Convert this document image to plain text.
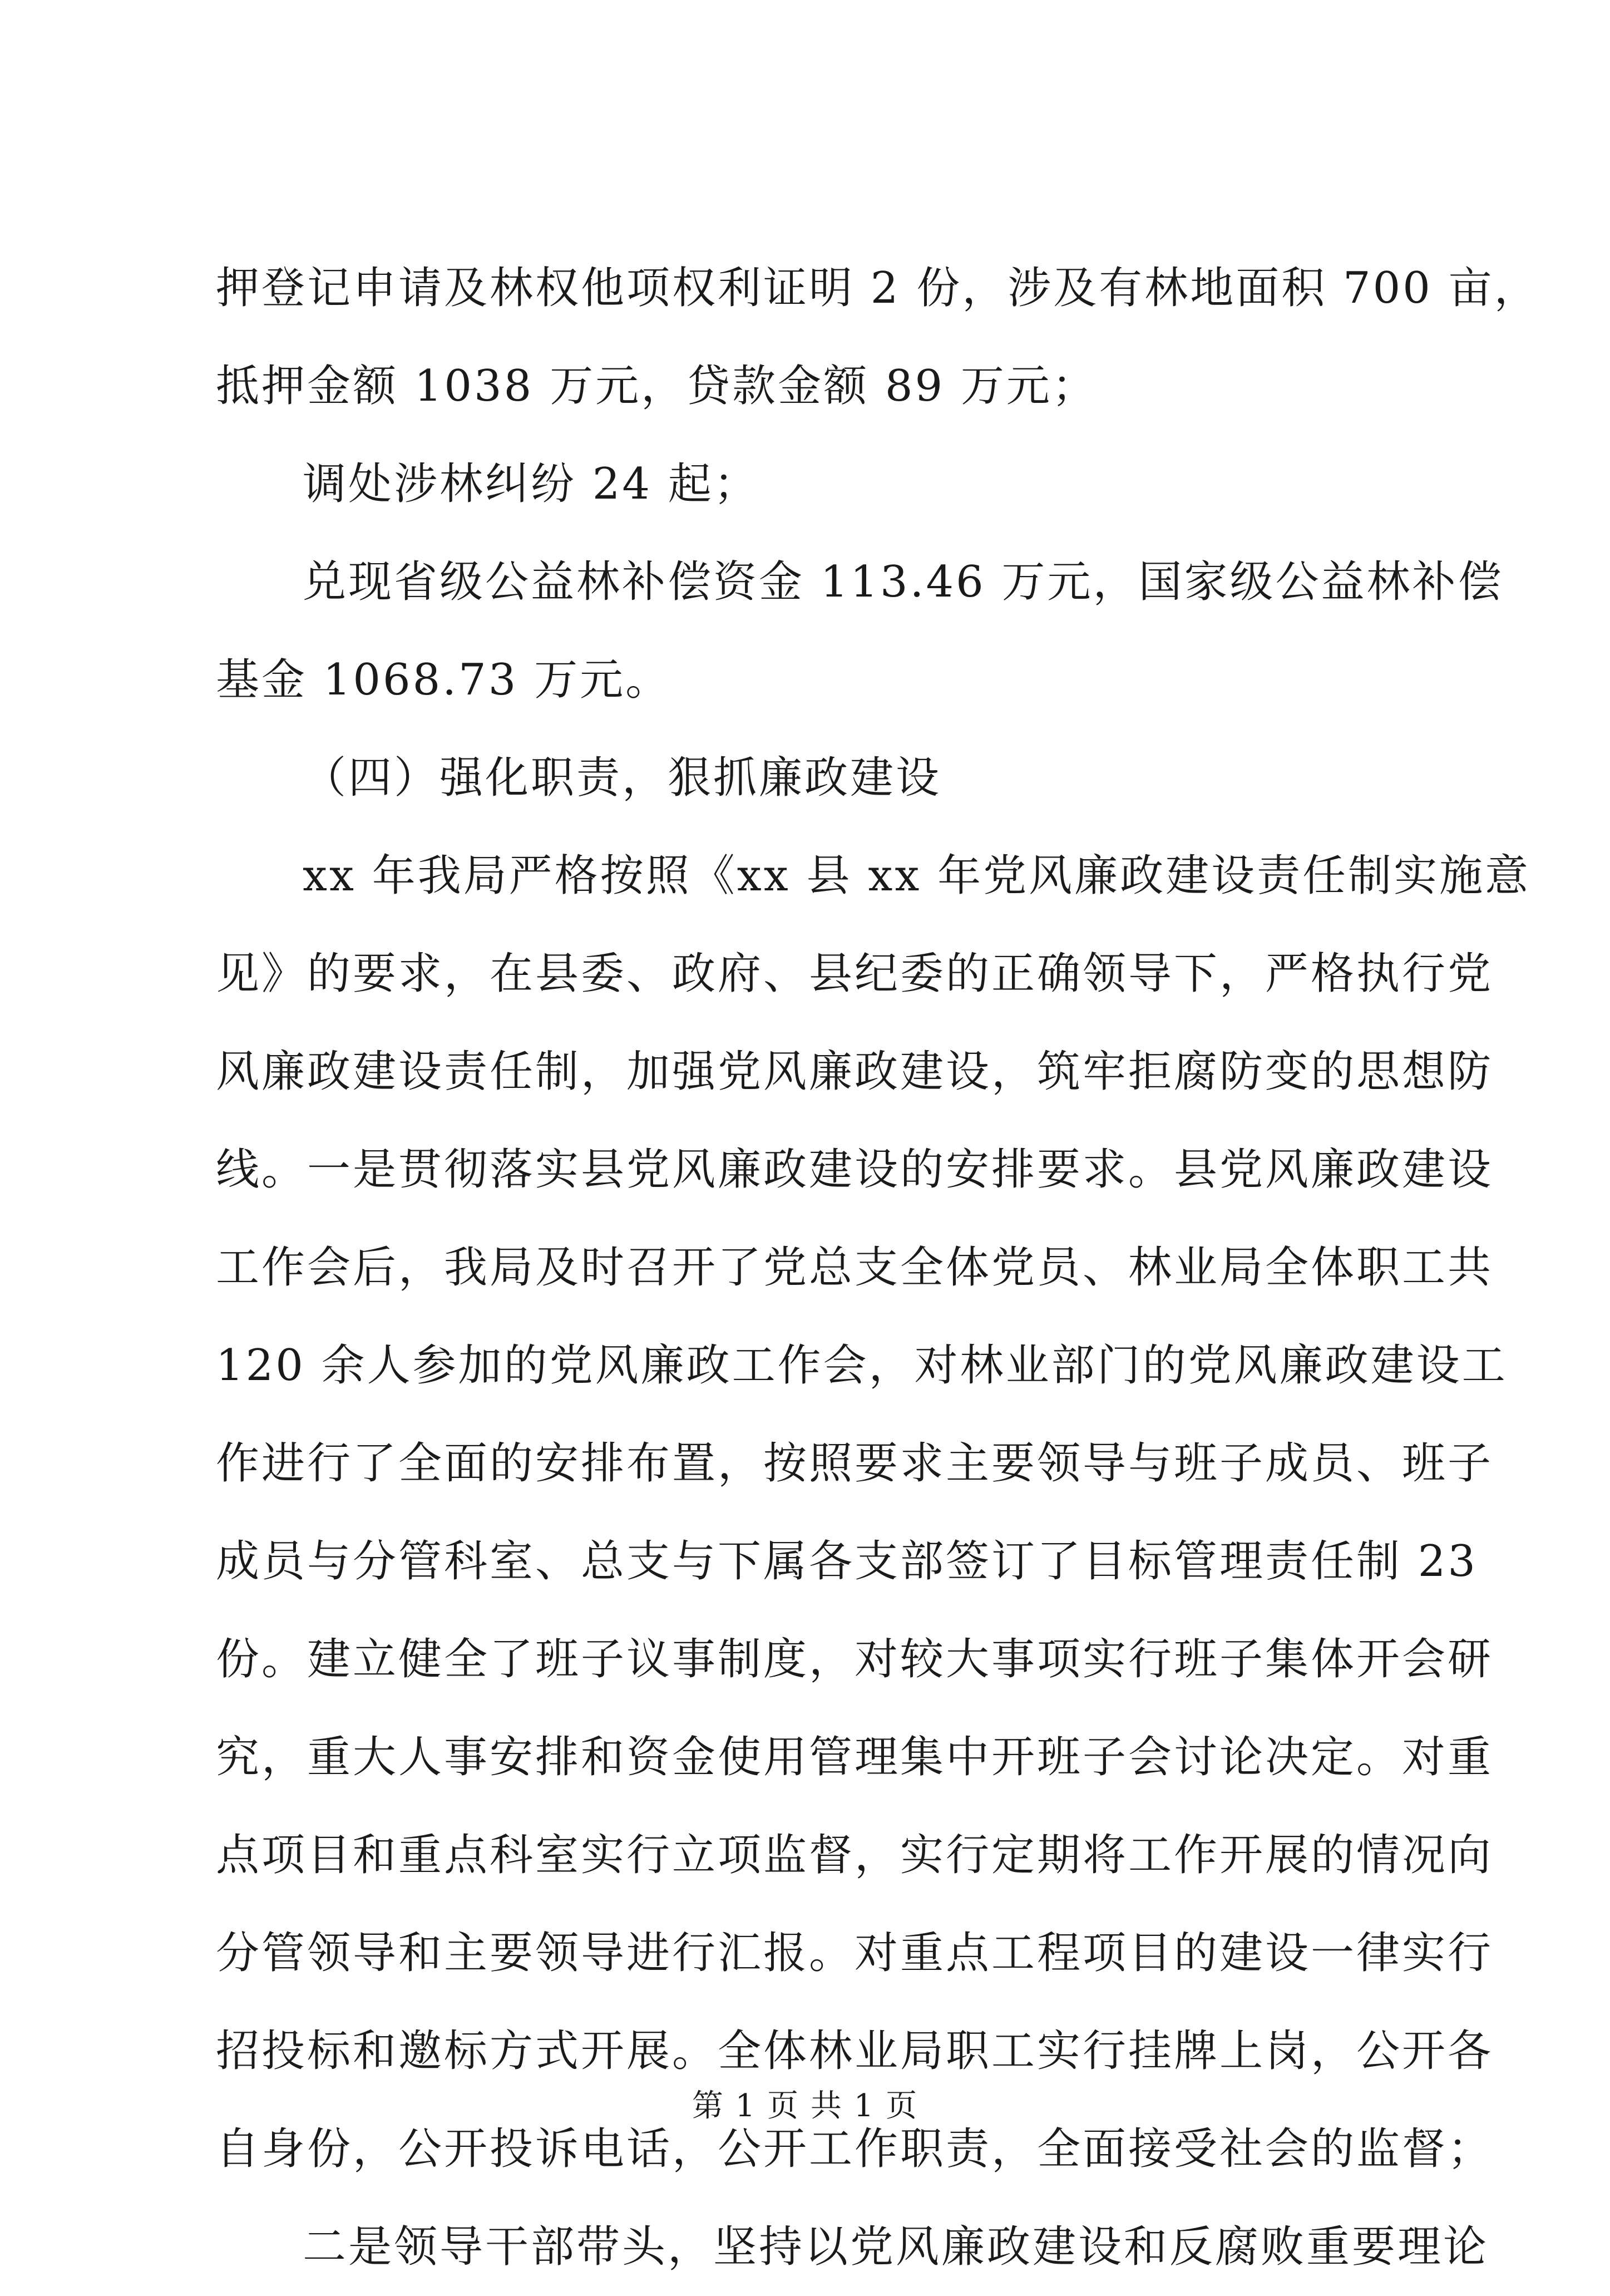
押登记申请及林权他项权利证明 2 份，涉及有林地面积 700 亩，
抵押金额 1038 万元，贷款金额 89 万元；
调处涉林纠纷 24 起；
兑现省级公益林补偿资金 113.46 万元，国家级公益林补偿
基金 1068.73 万元。
（四）强化职责，狠抓廉政建设
xx 年我局严格按照《xx 县 xx 年党风廉政建设责任制实施意
见》的要求，在县委、政府、县纪委的正确领导下，严格执行党
风廉政建设责任制，加强党风廉政建设，筑牢拒腐防变的思想防
线。一是贯彻落实县党风廉政建设的安排要求。县党风廉政建设
工作会后，我局及时召开了党总支全体党员、林业局全体职工共
120 余人参加的党风廉政工作会，对林业部门的党风廉政建设工
作进行了全面的安排布置，按照要求主要领导与班子成员、班子
成员与分管科室、总支与下属各支部签订了目标管理责任制 23
份。建立健全了班子议事制度，对较大事项实行班子集体开会研
究，重大人事安排和资金使用管理集中开班子会讨论决定。对重
点项目和重点科室实行立项监督，实行定期将工作开展的情况向
分管领导和主要领导进行汇报。对重点工程项目的建设一律实行
招投标和邀标方式开展。全体林业局职工实行挂牌上岗，公开各
自身份，公开投诉电话，公开工作职责，全面接受社会的监督；
二是领导干部带头，坚持以党风廉政建设和反腐败重要理论
第 1 页 共 1 页
